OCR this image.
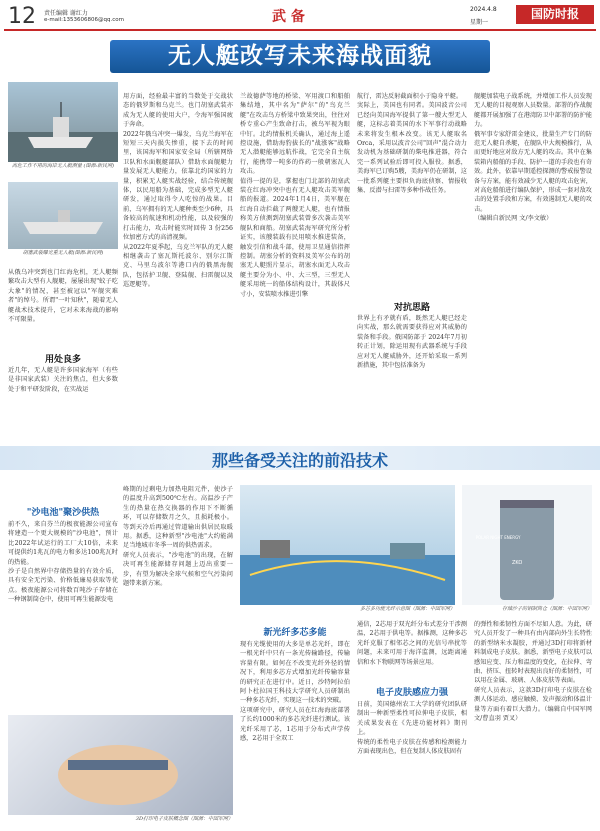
12 责任编辑 谢红力
e-mail:1353606806@qq.com	武 备	2024.4.8
星期一
国防时报
无人艇改写未来海战面貌
高危工作不用的海岸无人艇测量 (图源:新民网)
胡塞武装曝光重无人艇(图源:新民网)
从俄乌冲突到也门红海危机，无人艇频繁攻击大型有人舰艇，屡屡出现"蚊子吃大象"的情况，甚至被冠以"军舰灾难者"的绰号。所谓"一叶知秋"，随着无人艇战术技术提升，它对未来海战的影响不可限量。
用处良多
近几年，无人艇是许多国家海军（有些是非国家武装）关注的焦点，但大多数处于和平研发阶段，在实战运
用方面，经验最丰富的当数处于交战状态的俄罗斯和乌克兰。也门胡塞武装亦成为无人艇的使用大户，令海军强国疲于奔命。
2022年俄乌冲突一爆发，乌克兰海军在短短三天内损失惨重，接下去的时间里，该国海军和国家安全局（所辖网络卫队和水面舰艇部队）借助水面舰艇力量发展无人艇能力，依靠北约国家的力量，积累无人艇实战经验，结合传统舰体，以民用船为基础，完成多型无人艇研发，通过取得令人吃惊的战果。目前，乌军拥有的无人艇种类至少6种，具备较高的航速和机动性能，以及较强的打击能力，攻击时能实时回传 3 份256位加密方式的高清视频。
从2022年夏季起，乌克兰军队的无人艇相继袭击了塞瓦斯托波尔、别尔江斯克、马里乌波尔等港口内的俄黑海舰队，包括护卫舰、登陆舰、扫雷舰以及巡逻艇等。
兰故德萨等地的桥梁、军用渡口和船舶集结地，其中名为"萨尔"的"鸟克兰艇"在攻击鸟方桥梁中致果突出，往往对桥专重心产生致命打击，被鸟军视为眼中钉。北约情报机关确认，通过海上遥控设施，借助海豹拔长的"战涨客"战略无人潜艇能够远航作战，它完全自主航行，能携带一吨多的炸药一般朝塞瓦人攻击。
值得一提的是，掌握也门北部的胡塞武装在红海冲突中也有无人艇攻击美军舰船的报道。2024年1月4日，美军舰在红海自动拦截了两艘无人艇，也有情报称美方侦测到胡塞武装曾多次袭击美军舰队和商船。胡塞武装海军研究所分析证实，该艘装载有民用喷水推进装备，触发引信和战斗部，使用卫星通信指挥控制。胡塞分析的资料及美军公布的胡塞无人艇照片显示，胡塞水面无人攻击艇主要分为小、中、大三型，三型无人艇采用统一的船体结构设计，其载体尺寸小，安装喷水推进引擎
航行，雷达反射截面积小于隐身平艇。
実际上，美国也有同者。美国波音公司已经向美国海军提供了第一艘大型无人艇，这标志着美国的水下军事行动战略未来将发生根本改变。该无人艇取名Orca，采用以波音公司"回声"混合动力发动机为基础研制的柴电推进器，符合完一系列试验后即可投入服役。据悉，美海军已订购5艘，美海军仍在研制，这一批系列艇主要担负海底侦察、情报收集、反潜与扫雷等多种作战任务。
对抗思路
世界上有矛就有盾，既然无人艇已经走向实战，那么就需要获得应对其威胁的装备和手段。俄国防部于 2024年7月初转正计划，除运用现有武器系统与手段应对无人艇威胁外，还开始采取一系列新措施，其中包括准备为
舰艇加装电子战系统，并增加工作人员发现无人艇的目视观察人员数量。部署的作战舰艇都开展加强了在港湾防卫中部署的防护能力。
俄军事专家舒雷金建议，批量生产专门的防范无人艇自杀艇，在舰队中大规模推行，从而更好地应对敌方无人艇的攻击。其中在集装箱内船舶的手段、防护一道的手段也有奇效。此外，依靠早期遥控探测的警戒报警设备与方案，能有效减少无人艇的攻击危害，对高危船舶进行编队保护，形成一套对敌攻击的处置手段和方案，有效遏制无人艇的攻击。
（编辑自新民网 文/李文敏）
那些备受关注的前沿技术
"沙电池"聚沙供热
前不久，来自芬兰的极夜能源公司宣布将建造一个更大规模的"沙电池"，预计比2022年试运行的工厂大10倍，未来可提供约1兆瓦的电力和多达100兆瓦时的热能。
沙子是自然界中存储热量的有效介质，具有安全无污染、价格低廉易获取等优点。极夜能源公司将数百吨沙子存储在一种钢制筒仓中，使用可再生能源发电
峰期的过剩电力加热电阻元件，使沙子的温度升高到500℃左右。高温沙子产生的热量在热交换器的作用下不断循环，可以存储数月之久，且损耗极小。等到天冷后再通过管道输出供居民取暖用。据悉，这种新型"沙电池"大约能满足当地城市冬季一周的供热需求。
研究人员表示，"沙电池"的出现，在解决可再生能源储存问题上迈出重要一步，有望为解决全球气候和空气污染问题带来新方案。
多芯多功能光纤示意图（图源：中国军网）
POLAR NIGHT ENERGY
ZKO
存储沙子的钢制筒仓（图源：中国军网）
3D打印电子皮肤概念图（图源：中国军网）
新光纤多芯多能
现有光缆使用的大多是单芯光纤，即在一根光纤中只有一条光传输路径，传输容量有限。如何在不改变光纤外径的情况下，利用多芯方式增加光纤传输容量的研究正在进行中。近日，沙特阿拉伯阿卜杜拉国王科技大学研究人员研制出一种多芯光纤，实现这一技术的突破。
这项研究中，研究人员在红海海底部署了长约1000米的多芯光纤进行测试。该光纤采用了芯，1芯用于分布式声学传感，2芯用于全双工
通信，2芯用于双光纤分布式差分干涉测温，2芯用于供电等。据推测，这种多芯光纤克服了相邻芯之间的光信号串扰等问题，未来可用于海洋监测，远距离通信和水下物联网等场景应用。
电子皮肤感应力强
日前，美国德州农工大学的研究团队研制出一种新型柔性可拉伸电子皮肤，相关成果发表在《先进功能材料》期刊上。
传统的柔性电子皮肤在传感和检测能力方面表现出色，但在复制人体皮肤固有
的弹性和柔韧性方面不尽如人意。为此，研究人员开发了一种具有由内部向外生长特性的新型纳米水凝胶，并通过3D打印将新材料制成电子皮肤。据悉，新型电子皮肤可以感知应变、压力和温度的变化，在拉伸、弯曲、挤压、扭转时表现出良好的柔韧性，可以用在金属、玻璃、人体皮肤等表面。
研究人员表示，这款3D打印电子皮肤在检测人体运动、感应触摸、发声振动和体温计量等方面有着巨大潜力。（编辑自中国军网 文/曹直羽 贾叉）
